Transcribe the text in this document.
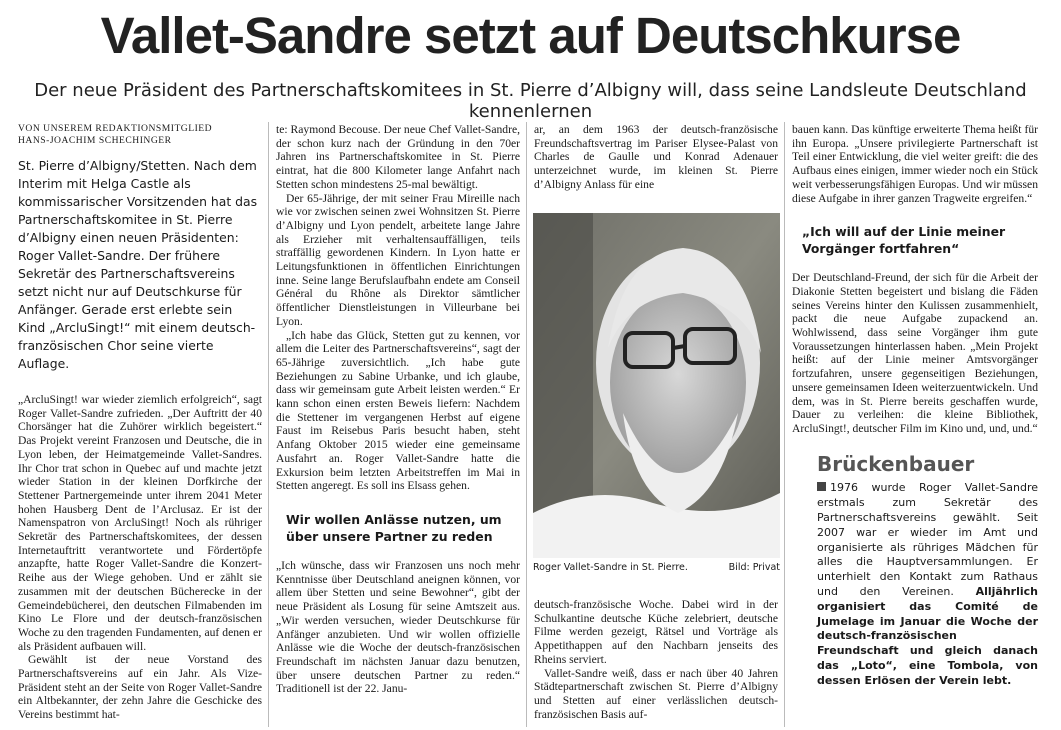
Vallet-Sandre setzt auf Deutschkurse
Der neue Präsident des Partnerschaftskomitees in St. Pierre d’Albigny will, dass seine Landsleute Deutschland kennenlernen

VON UNSEREM REDAKTIONSMITGLIED
HANS-JOACHIM SCHECHINGER

St. Pierre d’Albigny/Stetten. Nach dem Interim mit Helga Castle als kommissarischer Vorsitzenden hat das Partnerschaftskomitee in St. Pierre d’Albigny einen neuen Präsidenten: Roger Vallet-Sandre. Der frühere Sekretär des Partnerschaftsvereins setzt nicht nur auf Deutschkurse für Anfänger. Gerade erst erlebte sein Kind „ArcluSingt!“ mit einem deutsch-französischen Chor seine vierte Auflage.

„ArcluSingt! war wieder ziemlich erfolgreich“, sagt Roger Vallet-Sandre zufrieden. „Der Auftritt der 40 Chorsänger hat die Zuhörer wirklich begeistert.“ Das Projekt vereint Franzosen und Deutsche, die in Lyon leben, der Heimatgemeinde Vallet-Sandres. Ihr Chor trat schon in Quebec auf und machte jetzt wieder Station in der kleinen Dorfkirche der Stettener Partnergemeinde unter ihrem 2041 Meter hohen Hausberg Dent de l’Arclusaz. Er ist der Namenspatron von ArcluSingt! Noch als rühriger Sekretär des Partnerschaftskomitees, der dessen Internetauftritt verantwortete und Fördertöpfe anzapfte, hatte Roger Vallet-Sandre die Konzert-Reihe aus der Wiege gehoben. Und er zählt sie zusammen mit der deutschen Bücherecke in der Gemeindebücherei, den deutschen Filmabenden im Kino Le Flore und der deutsch-französischen Woche zu den tragenden Fundamenten, auf denen er als Präsident aufbauen will.

Gewählt ist der neue Vorstand des Partnerschaftsvereins auf ein Jahr. Als Vize-Präsident steht an der Seite von Roger Vallet-Sandre ein Altbekannter, der zehn Jahre die Geschicke des Vereins bestimmt hat-

te: Raymond Becouse. Der neue Chef Vallet-Sandre, der schon kurz nach der Gründung in den 70er Jahren ins Partnerschaftskomitee in St. Pierre eintrat, hat die 800 Kilometer lange Anfahrt nach Stetten schon mindestens 25-mal bewältigt.

Der 65-Jährige, der mit seiner Frau Mireille nach wie vor zwischen seinen zwei Wohnsitzen St. Pierre d’Albigny und Lyon pendelt, arbeitete lange Jahre als Erzieher mit verhaltensauffälligen, teils straffällig gewordenen Kindern. In Lyon hatte er Leitungsfunktionen in öffentlichen Einrichtungen inne. Seine lange Berufslaufbahn endete am Conseil Général du Rhône als Direktor sämtlicher öffentlicher Dienstleistungen in Villeurbane bei Lyon.

„Ich habe das Glück, Stetten gut zu kennen, vor allem die Leiter des Partnerschaftsvereins“, sagt der 65-Jährige zuversichtlich. „Ich habe gute Beziehungen zu Sabine Urbanke, und ich glaube, dass wir gemeinsam gute Arbeit leisten werden.“ Er kann schon einen ersten Beweis liefern: Nachdem die Stettener im vergangenen Herbst auf eigene Faust im Reisebus Paris besucht haben, steht Anfang Oktober 2015 wieder eine gemeinsame Ausfahrt an. Roger Vallet-Sandre hatte die Exkursion beim letzten Arbeitstreffen im Mai in Stetten angeregt. Es soll ins Elsass gehen.

Wir wollen Anlässe nutzen, um über unsere Partner zu reden

„Ich wünsche, dass wir Franzosen uns noch mehr Kenntnisse über Deutschland aneignen können, vor allem über Stetten und seine Bewohner“, gibt der neue Präsident als Losung für seine Amtszeit aus. „Wir werden versuchen, wieder Deutschkurse für Anfänger anzubieten. Und wir wollen offizielle Anlässe wie die Woche der deutsch-französischen Freundschaft im nächsten Januar dazu benutzen, über unsere deutschen Partner zu reden.“ Traditionell ist der 22. Janu-

ar, an dem 1963 der deutsch-französische Freundschaftsvertrag im Pariser Elysee-Palast von Charles de Gaulle und Konrad Adenauer unterzeichnet wurde, im kleinen St. Pierre d’Albigny Anlass für eine

Roger Vallet-Sandre in St. Pierre.	Bild: Privat

deutsch-französische Woche. Dabei wird in der Schulkantine deutsche Küche zelebriert, deutsche Filme werden gezeigt, Rätsel und Vorträge als Appetithappen auf den Nachbarn jenseits des Rheins serviert.

Vallet-Sandre weiß, dass er nach über 40 Jahren Städtepartnerschaft zwischen St. Pierre d’Albigny und Stetten auf einer verlässlichen deutsch-französischen Basis auf-

bauen kann. Das künftige erweiterte Thema heißt für ihn Europa. „Unsere privilegierte Partnerschaft ist Teil einer Entwicklung, die viel weiter greift: die des Aufbaus eines einigen, immer wieder noch ein Stück weit verbesserungsfähigen Europas. Und wir müssen diese Aufgabe in ihrer ganzen Tragweite ergreifen.“

„Ich will auf der Linie meiner Vorgänger fortfahren“

Der Deutschland-Freund, der sich für die Arbeit der Diakonie Stetten begeistert und bislang die Fäden seines Vereins hinter den Kulissen zusammenhielt, packt die neue Aufgabe zupackend an. Wohlwissend, dass seine Vorgänger ihm gute Voraussetzungen hinterlassen haben. „Mein Projekt heißt: auf der Linie meiner Amtsvorgänger fortzufahren, unsere gegenseitigen Beziehungen, unsere gemeinsamen Ideen weiterzuentwickeln. Und dem, was in St. Pierre bereits geschaffen wurde, Dauer zu verleihen: die kleine Bibliothek, ArcluSingt!, deutscher Film im Kino und, und, und.“

Brückenbauer

1976 wurde Roger Vallet-Sandre erstmals zum Sekretär des Partnerschaftsvereins gewählt. Seit 2007 war er wieder im Amt und organisierte als rühriges Mädchen für alles die Hauptversammlungen. Er unterhielt den Kontakt zum Rathaus und den Vereinen. Alljährlich organisiert das Comité de Jumelage im Januar die Woche der deutsch-französischen Freundschaft und gleich danach das „Loto“, eine Tombola, von dessen Erlösen der Verein lebt.
